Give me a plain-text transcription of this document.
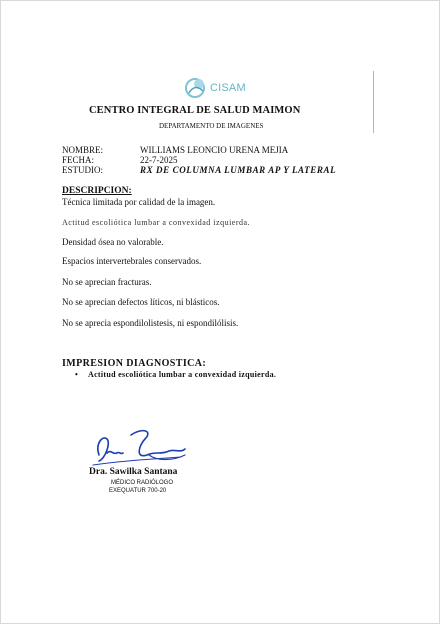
CISAM
CENTRO INTEGRAL DE SALUD MAIMON
DEPARTAMENTO DE IMAGENES
NOMBRE:	WILLIAMS LEONCIO URENA MEJIA
FECHA:	22-7-2025
ESTUDIO:	RX DE COLUMNA LUMBAR AP Y LATERAL
DESCRIPCION:
Técnica limitada por calidad de la imagen.
Actitud escoliótica lumbar a convexidad izquierda.
Densidad ósea no valorable.
Espacios intervertebrales conservados.
No se aprecian fracturas.
No se aprecian defectos líticos, ni blásticos.
No se aprecia espondilolistesis, ni espondilólisis.
IMPRESION DIAGNOSTICA:
• Actitud escoliótica lumbar a convexidad izquierda.
Dra. Sawilka Santana
MÉDICO RADIÓLOGO
EXEQUATUR 700-20
